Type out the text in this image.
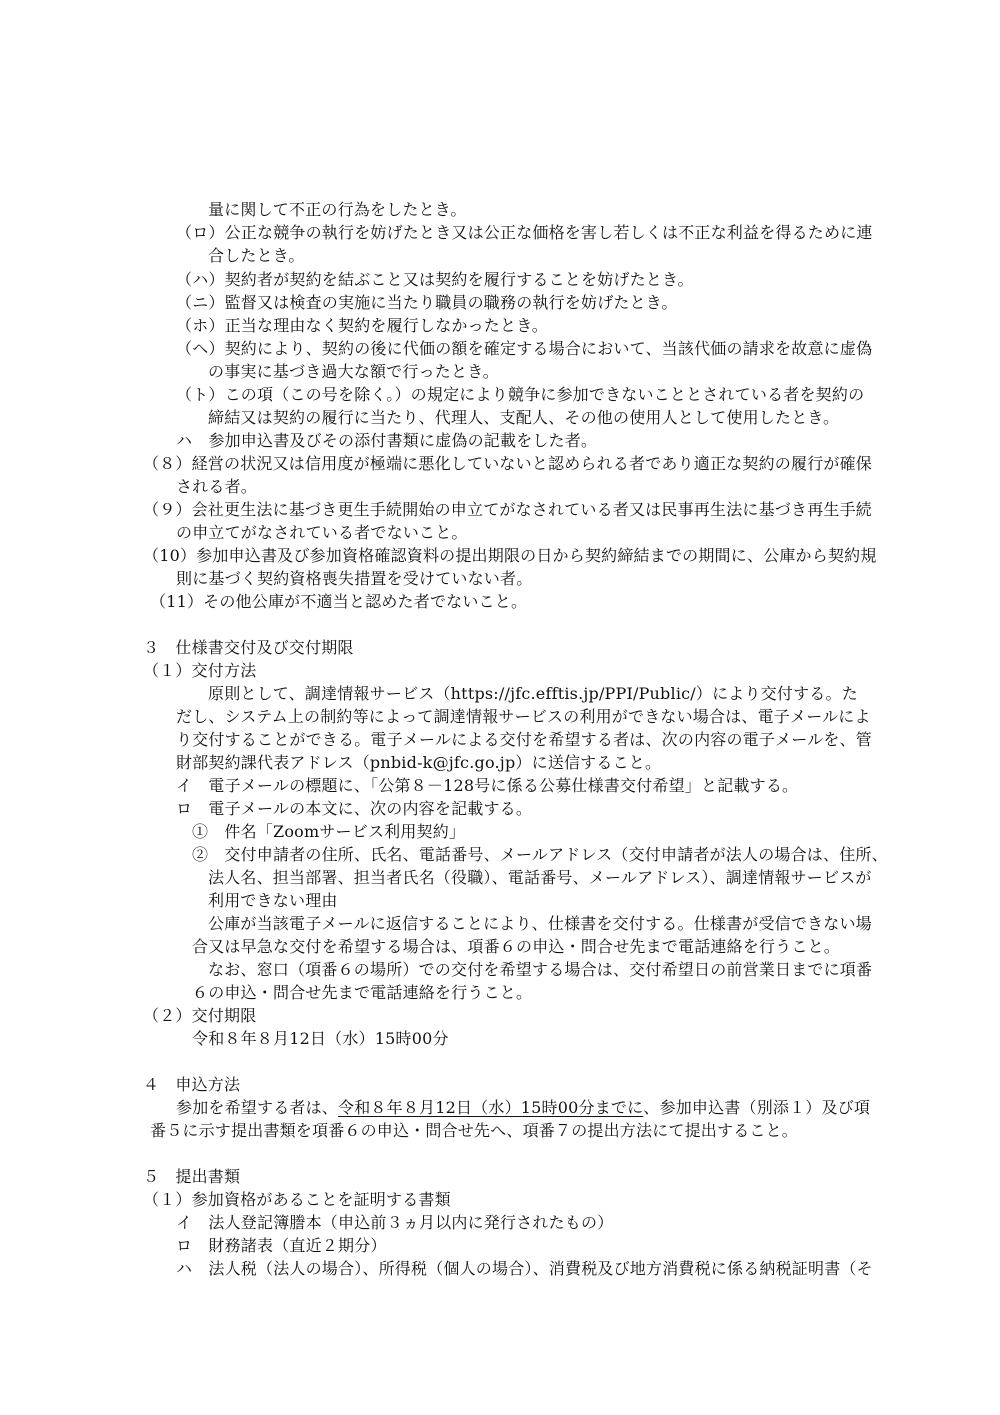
量に関して不正の行為をしたとき。
（ロ）公正な競争の執行を妨げたとき又は公正な価格を害し若しくは不正な利益を得るために連
合したとき。
（ハ）契約者が契約を結ぶこと又は契約を履行することを妨げたとき。
（ニ）監督又は検査の実施に当たり職員の職務の執行を妨げたとき。
（ホ）正当な理由なく契約を履行しなかったとき。
（ヘ）契約により、契約の後に代価の額を確定する場合において、当該代価の請求を故意に虚偽
の事実に基づき過大な額で行ったとき。
（ト）この項（この号を除く。）の規定により競争に参加できないこととされている者を契約の
締結又は契約の履行に当たり、代理人、支配人、その他の使用人として使用したとき。
ハ　参加申込書及びその添付書類に虚偽の記載をした者。
（８）経営の状況又は信用度が極端に悪化していないと認められる者であり適正な契約の履行が確保
される者。
（９）会社更生法に基づき更生手続開始の申立てがなされている者又は民事再生法に基づき再生手続
の申立てがなされている者でないこと。
（10）参加申込書及び参加資格確認資料の提出期限の日から契約締結までの期間に、公庫から契約規
則に基づく契約資格喪失措置を受けていない者。
（11）その他公庫が不適当と認めた者でないこと。
３　仕様書交付及び交付期限
（１）交付方法
原則として、調達情報サービス（https://jfc.efftis.jp/PPI/Public/）により交付する。た
だし、システム上の制約等によって調達情報サービスの利用ができない場合は、電子メールによ
り交付することができる。電子メールによる交付を希望する者は、次の内容の電子メールを、管
財部契約課代表アドレス（pnbid-k@jfc.go.jp）に送信すること。
イ　電子メールの標題に、「公第８－128号に係る公募仕様書交付希望」と記載する。
ロ　電子メールの本文に、次の内容を記載する。
①　件名「Zoomサービス利用契約」
②　交付申請者の住所、氏名、電話番号、メールアドレス（交付申請者が法人の場合は、住所、
法人名、担当部署、担当者氏名（役職）、電話番号、メールアドレス）、調達情報サービスが
利用できない理由
公庫が当該電子メールに返信することにより、仕様書を交付する。仕様書が受信できない場
合又は早急な交付を希望する場合は、項番６の申込・問合せ先まで電話連絡を行うこと。
なお、窓口（項番６の場所）での交付を希望する場合は、交付希望日の前営業日までに項番
６の申込・問合せ先まで電話連絡を行うこと。
（２）交付期限
令和８年８月12日（水）15時00分
４　申込方法
参加を希望する者は、令和８年８月12日（水）15時00分までに、参加申込書（別添１）及び項
番５に示す提出書類を項番６の申込・問合せ先へ、項番７の提出方法にて提出すること。
５　提出書類
（１）参加資格があることを証明する書類
イ　法人登記簿謄本（申込前３ヵ月以内に発行されたもの）
ロ　財務諸表（直近２期分）
ハ　法人税（法人の場合）、所得税（個人の場合）、消費税及び地方消費税に係る納税証明書（そ
